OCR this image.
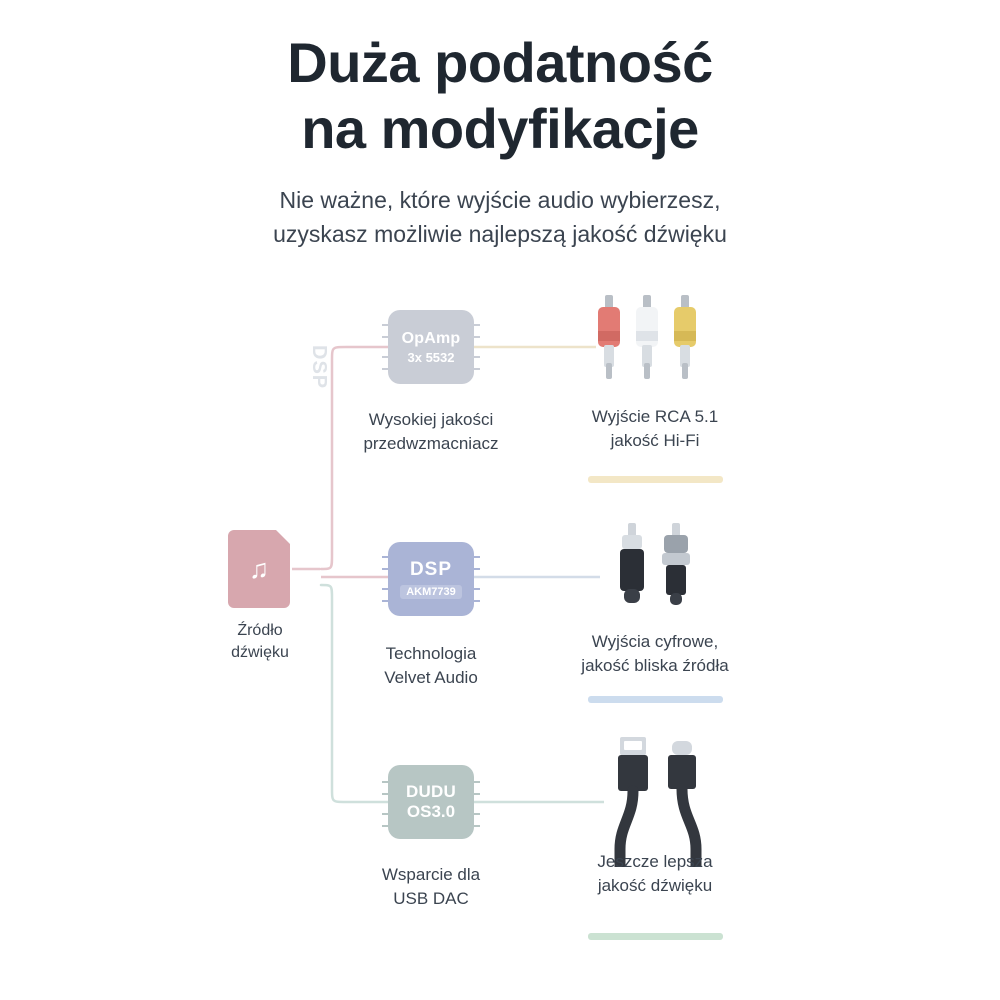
Duża podatność
na modyfikacje
Nie ważne, które wyjście audio wybierzesz,
uzyskasz możliwie najlepszą jakość dźwięku
DSP
♫
Źródło
dźwięku
OpAmp
3x 5532
Wysokiej jakości
przedwzmacniacz
Wyjście RCA 5.1
jakość Hi-Fi
DSP
AKM7739
Technologia
Velvet Audio
Wyjścia cyfrowe,
jakość bliska źródła
DUDU
OS3.0
Wsparcie dla
USB DAC
Jeszcze lepsza
jakość dźwięku
